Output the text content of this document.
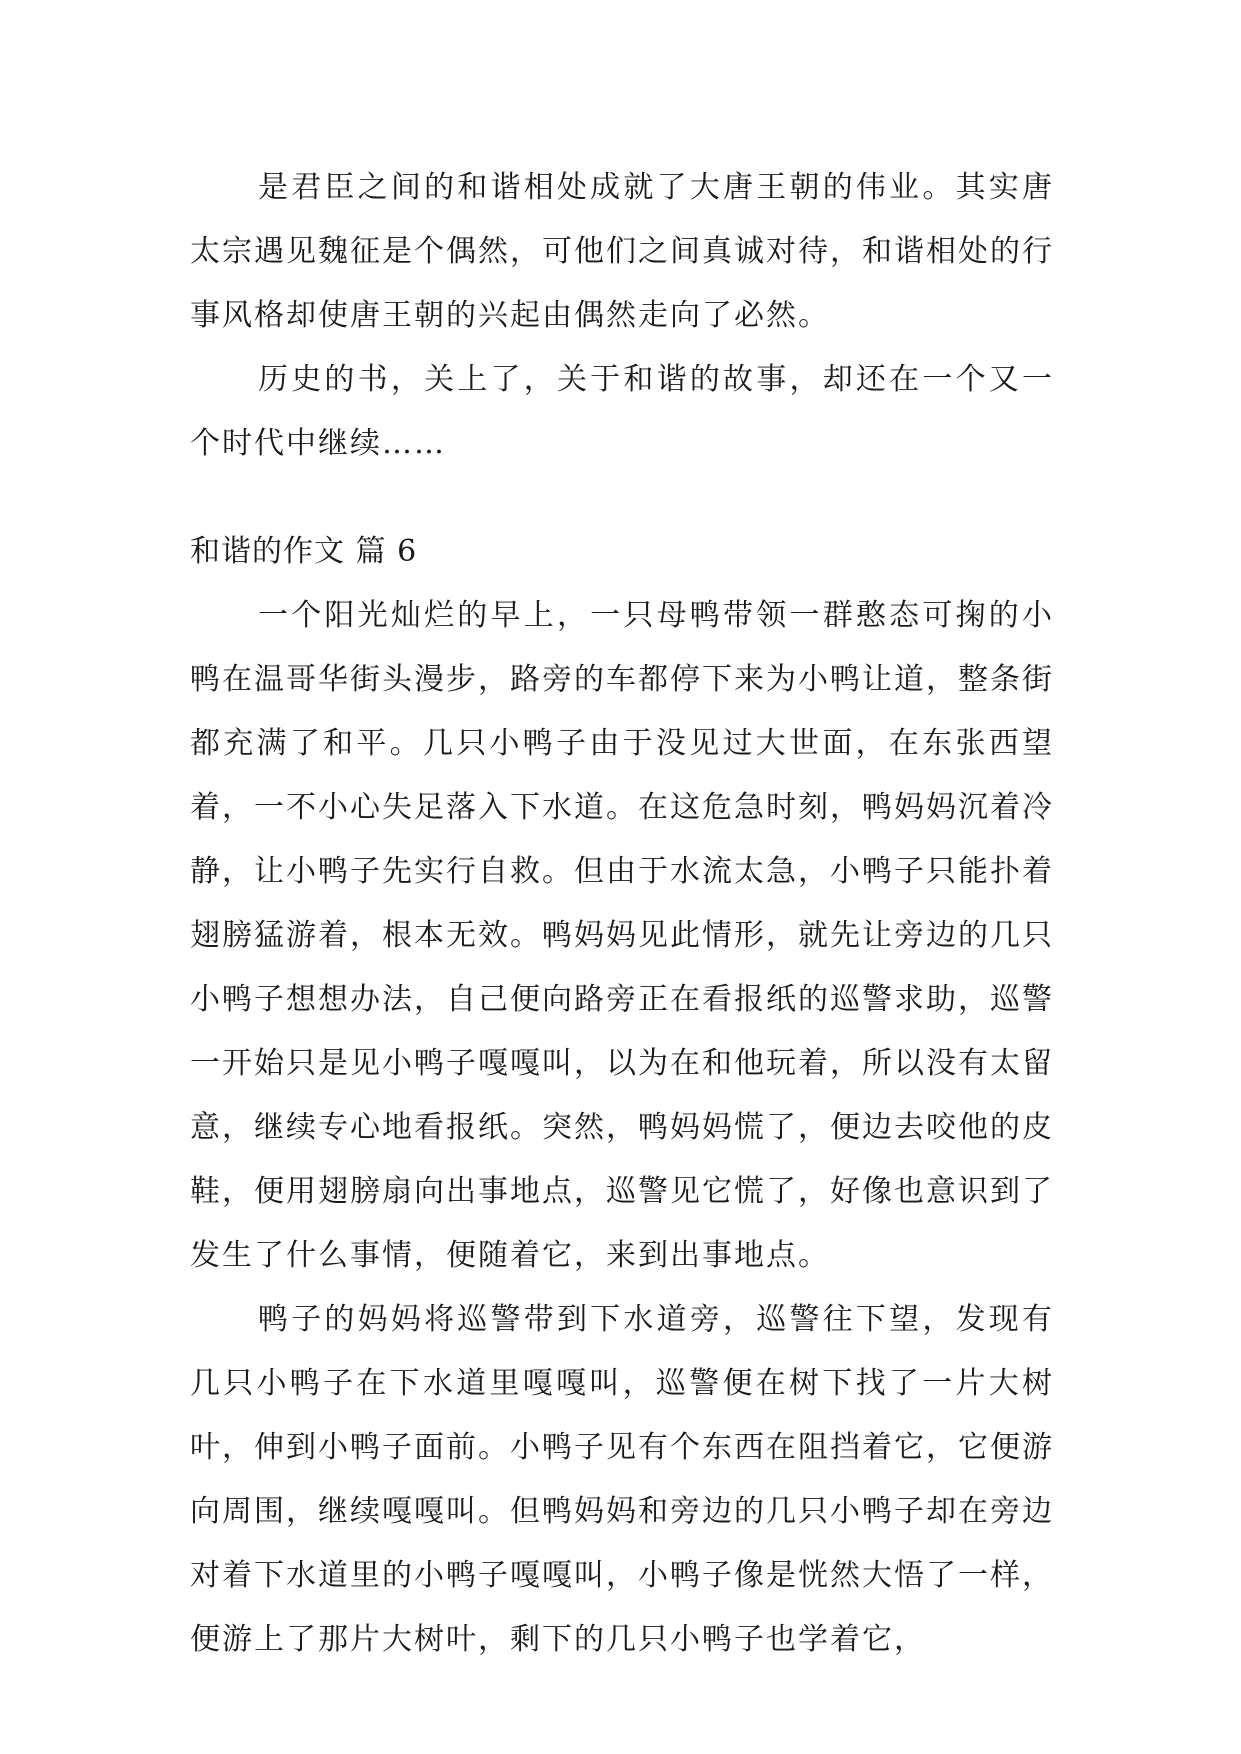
是君臣之间的和谐相处成就了大唐王朝的伟业。其实唐太宗遇见魏征是个偶然，可他们之间真诚对待，和谐相处的行事风格却使唐王朝的兴起由偶然走向了必然。

历史的书，关上了，关于和谐的故事，却还在一个又一个时代中继续……

和谐的作文 篇 6

一个阳光灿烂的早上，一只母鸭带领一群憨态可掬的小鸭在温哥华街头漫步，路旁的车都停下来为小鸭让道，整条街都充满了和平。几只小鸭子由于没见过大世面，在东张西望着，一不小心失足落入下水道。在这危急时刻，鸭妈妈沉着冷静，让小鸭子先实行自救。但由于水流太急，小鸭子只能扑着翅膀猛游着，根本无效。鸭妈妈见此情形，就先让旁边的几只小鸭子想想办法，自己便向路旁正在看报纸的巡警求助，巡警一开始只是见小鸭子嘎嘎叫，以为在和他玩着，所以没有太留意，继续专心地看报纸。突然，鸭妈妈慌了，便边去咬他的皮鞋，便用翅膀扇向出事地点，巡警见它慌了，好像也意识到了发生了什么事情，便随着它，来到出事地点。

鸭子的妈妈将巡警带到下水道旁，巡警往下望，发现有几只小鸭子在下水道里嘎嘎叫，巡警便在树下找了一片大树叶，伸到小鸭子面前。小鸭子见有个东西在阻挡着它，它便游向周围，继续嘎嘎叫。但鸭妈妈和旁边的几只小鸭子却在旁边对着下水道里的小鸭子嘎嘎叫，小鸭子像是恍然大悟了一样，便游上了那片大树叶，剩下的几只小鸭子也学着它，
